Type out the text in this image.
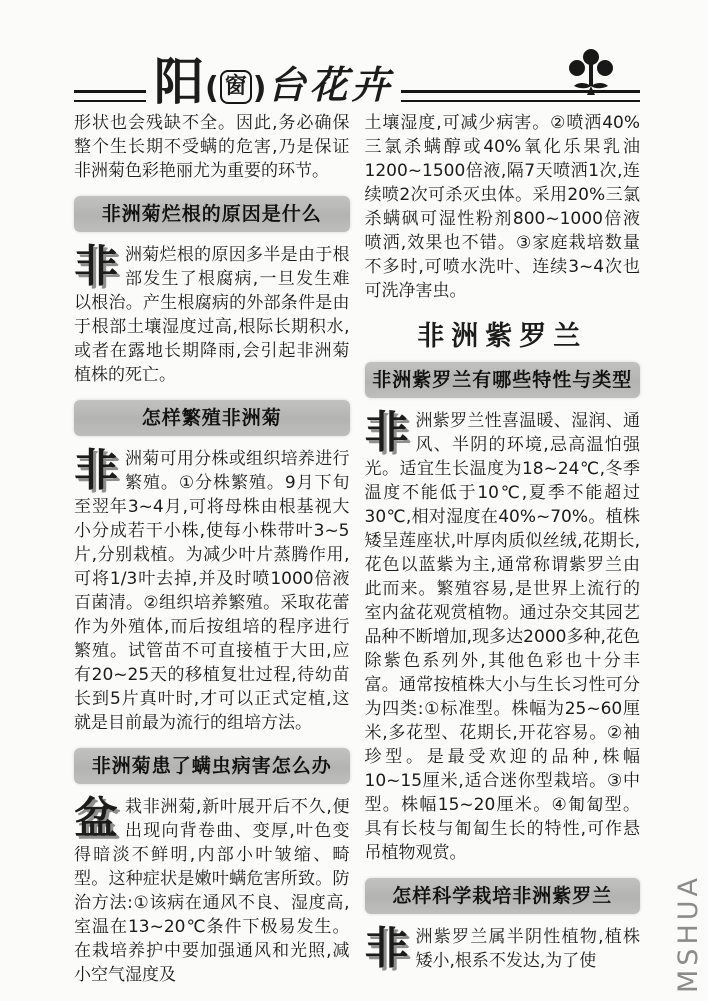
阳 ( 窗 ) 台花卉

形状也会残缺不全。因此,务必确保整个生长期不受螨的危害,乃是保证非洲菊色彩艳丽尤为重要的环节。

非洲菊烂根的原因是什么

非洲菊烂根的原因多半是由于根部发生了根腐病,一旦发生难以根治。产生根腐病的外部条件是由于根部土壤湿度过高,根际长期积水,或者在露地长期降雨,会引起非洲菊植株的死亡。

怎样繁殖非洲菊

非洲菊可用分株或组织培养进行繁殖。①分株繁殖。9月下旬至翌年3~4月,可将母株由根基视大小分成若干小株,使每小株带叶3~5片,分别栽植。为减少叶片蒸腾作用,可将1/3叶去掉,并及时喷1000倍液百菌清。②组织培养繁殖。采取花蕾作为外殖体,而后按组培的程序进行繁殖。试管苗不可直接植于大田,应有20~25天的移植复壮过程,待幼苗长到5片真叶时,才可以正式定植,这就是目前最为流行的组培方法。

非洲菊患了螨虫病害怎么办

盆栽非洲菊,新叶展开后不久,便出现向背卷曲、变厚,叶色变得暗淡不鲜明,内部小叶皱缩、畸型。这种症状是嫩叶螨危害所致。防治方法:①该病在通风不良、湿度高,室温在13~20℃条件下极易发生。在栽培养护中要加强通风和光照,减小空气湿度及

土壤湿度,可减少病害。②喷洒40%三氯杀螨醇或40%氧化乐果乳油1200~1500倍液,隔7天喷洒1次,连续喷2次可杀灭虫体。采用20%三氯杀螨砜可湿性粉剂800~1000倍液喷洒,效果也不错。③家庭栽培数量不多时,可喷水洗叶、连续3~4次也可洗净害虫。

非洲紫罗兰
非洲紫罗兰有哪些特性与类型

非洲紫罗兰性喜温暖、湿润、通风、半阴的环境,忌高温怕强光。适宜生长温度为18~24℃,冬季温度不能低于10℃,夏季不能超过30℃,相对湿度在40%~70%。植株矮呈莲座状,叶厚肉质似丝绒,花期长,花色以蓝紫为主,通常称谓紫罗兰由此而来。繁殖容易,是世界上流行的室内盆花观赏植物。通过杂交其园艺品种不断增加,现多达2000多种,花色除紫色系列外,其他色彩也十分丰富。通常按植株大小与生长习性可分为四类:①标准型。株幅为25~60厘米,多花型、花期长,开花容易。②袖珍型。是最受欢迎的品种,株幅10~15厘米,适合迷你型栽培。③中型。株幅15~20厘米。④匍匐型。具有长枝与匍匐生长的特性,可作悬吊植物观赏。

怎样科学栽培非洲紫罗兰

非洲紫罗兰属半阴性植物,植株矮小,根系不发达,为了使	MSHUA
